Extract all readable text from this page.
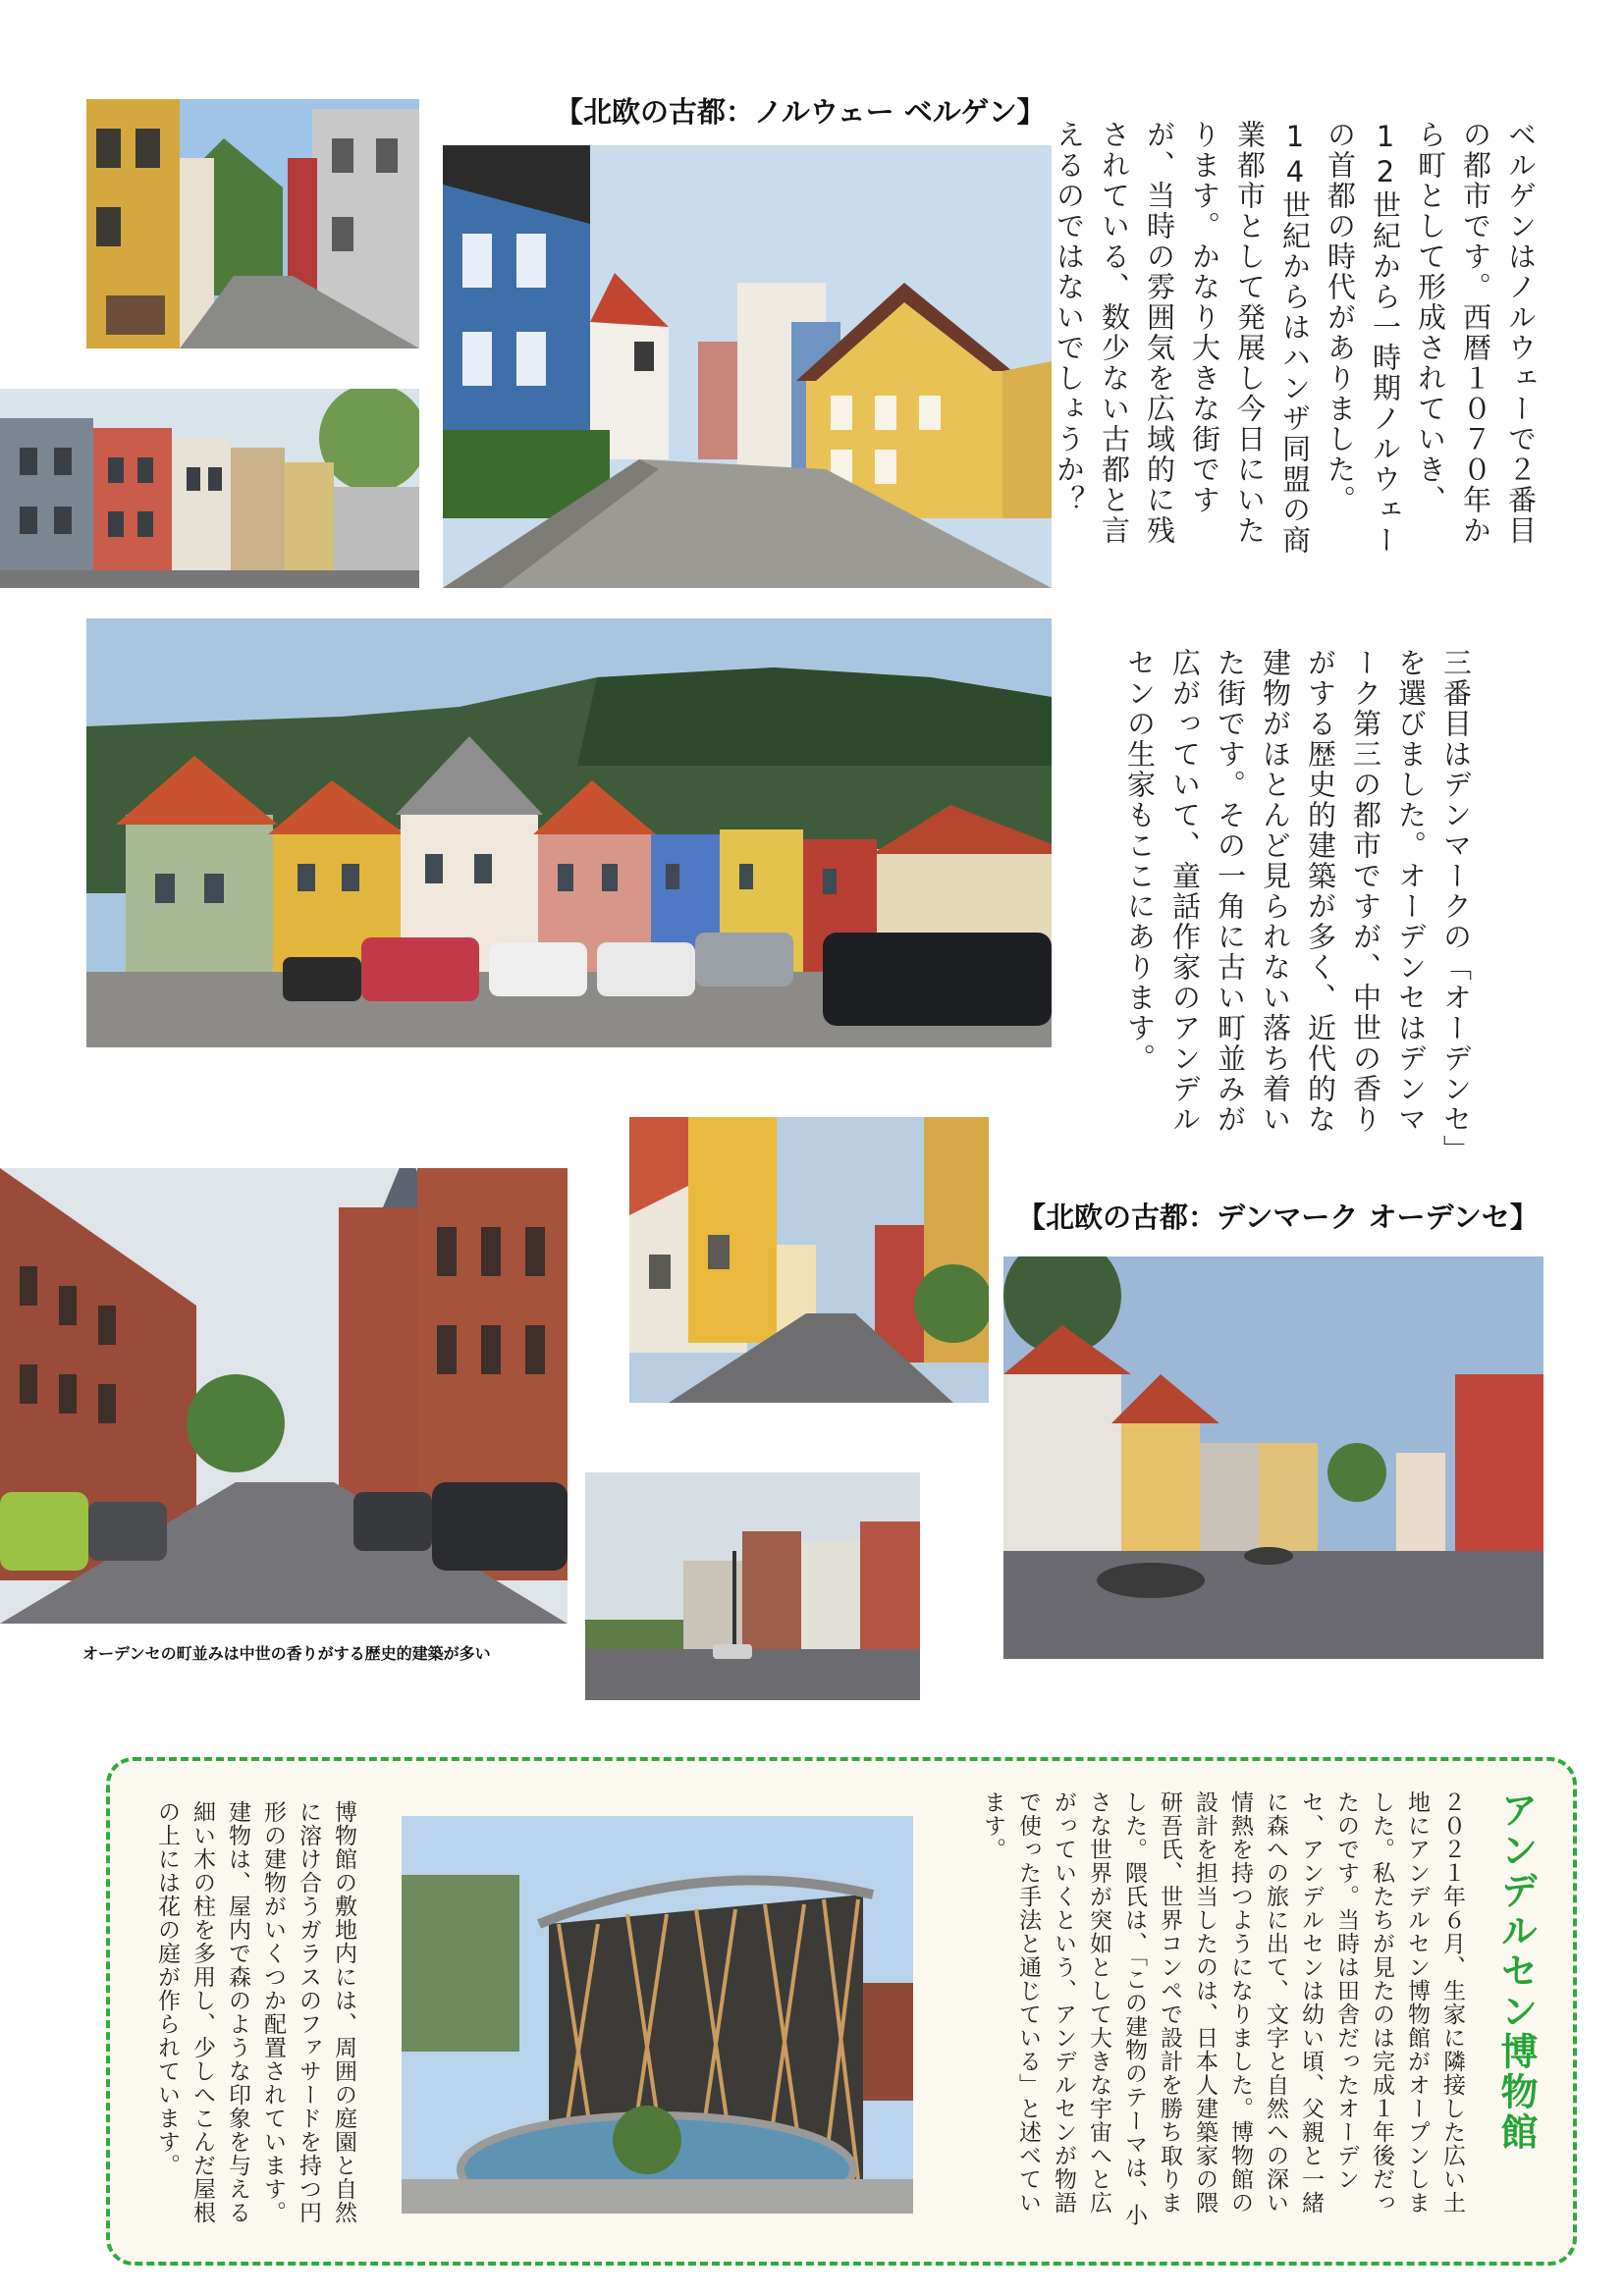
【北欧の古都：ノルウェー ベルゲン】
ベルゲンはノルウェーで２番目の都市です。西暦１０７０年から町として形成されていき、12世紀から一時期ノルウェーの首都の時代がありました。14世紀からはハンザ同盟の商業都市として発展し今日にいたります。かなり大きな街ですが、当時の雰囲気を広域的に残されている、数少ない古都と言えるのではないでしょうか？
三番目はデンマークの「オーデンセ」を選びました。オーデンセはデンマーク第三の都市ですが、中世の香りがする歴史的建築が多く、近代的な建物がほとんど見られない落ち着いた街です。その一角に古い町並みが広がっていて、童話作家のアンデルセンの生家もここにあります。
オーデンセの町並みは中世の香りがする歴史的建築が多い
【北欧の古都：デンマーク オーデンセ】
アンデルセン博物館
２０２１年６月、生家に隣接した広い土地にアンデルセン博物館がオープンしました。私たちが見たのは完成１年後だったのです。当時は田舎だったオーデンセ、アンデルセンは幼い頃、父親と一緒に森への旅に出て、文字と自然への深い情熱を持つようになりました。博物館の設計を担当したのは、日本人建築家の隈研吾氏、世界コンペで設計を勝ち取りました。隈氏は、「この建物のテーマは、小さな世界が突如として大きな宇宙へと広がっていくという、アンデルセンが物語で使った手法と通じている」と述べています。
博物館の敷地内には、周囲の庭園と自然に溶け合うガラスのファサードを持つ円形の建物がいくつか配置されています。建物は、屋内で森のような印象を与える細い木の柱を多用し、少しへこんだ屋根の上には花の庭が作られています。
